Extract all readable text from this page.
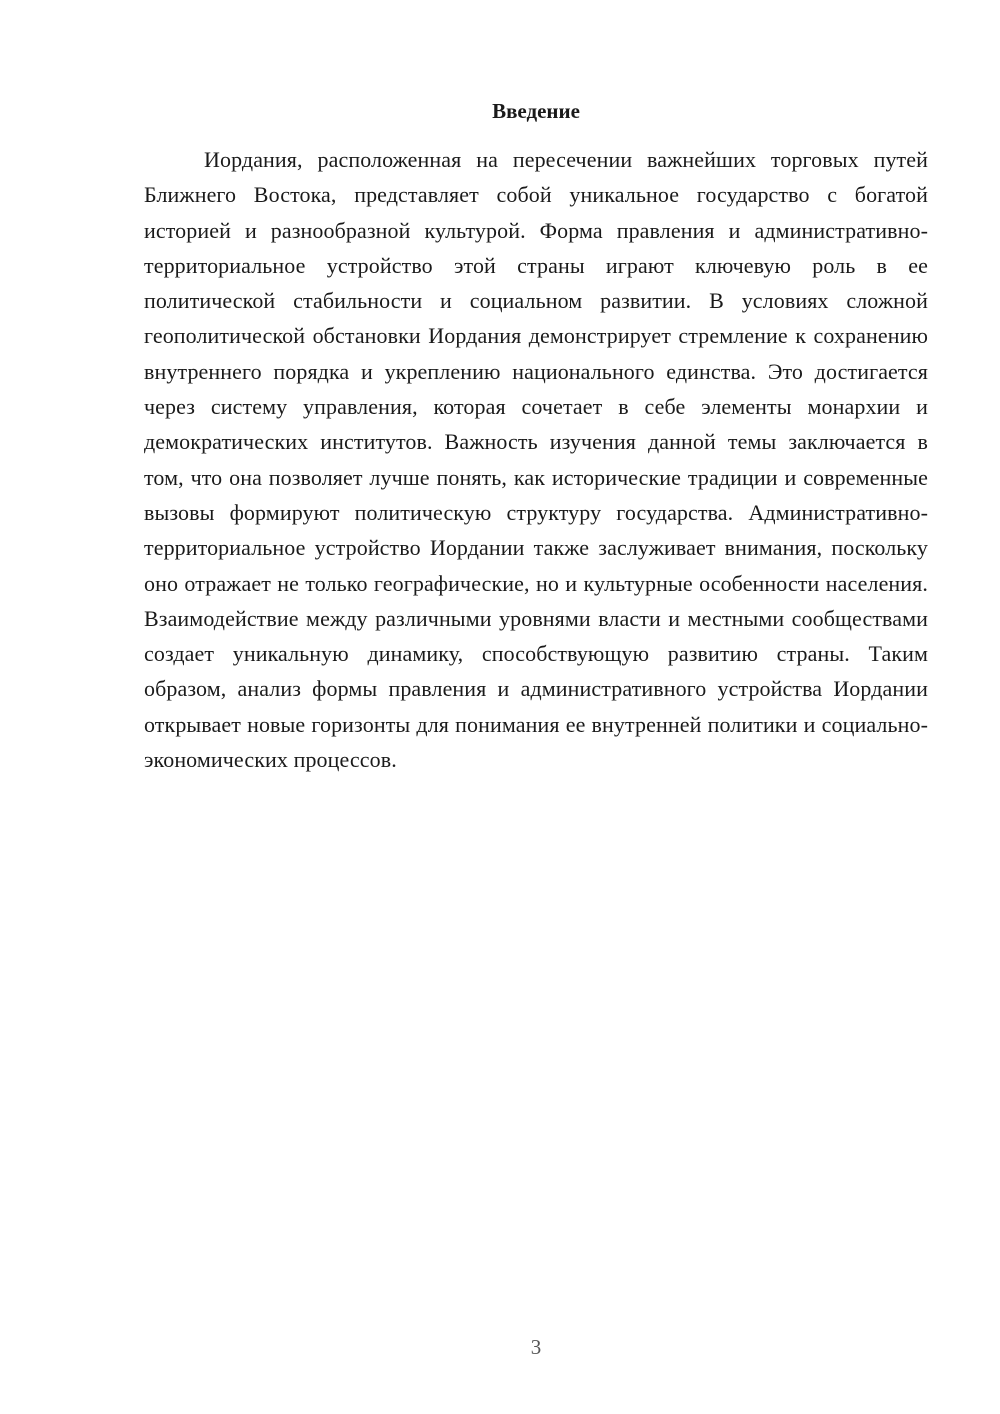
Введение

Иордания, расположенная на пересечении важнейших торговых путей Ближнего Востока, представляет собой уникальное государство с богатой историей и разнообразной культурой. Форма правления и административно-территориальное устройство этой страны играют ключевую роль в ее политической стабильности и социальном развитии. В условиях сложной геополитической обстановки Иордания демонстрирует стремление к сохранению внутреннего порядка и укреплению национального единства. Это достигается через систему управления, которая сочетает в себе элементы монархии и демократических институтов. Важность изучения данной темы заключается в том, что она позволяет лучше понять, как исторические традиции и современные вызовы формируют политическую структуру государства. Административно-территориальное устройство Иордании также заслуживает внимания, поскольку оно отражает не только географические, но и культурные особенности населения. Взаимодействие между различными уровнями власти и местными сообществами создает уникальную динамику, способствующую развитию страны. Таким образом, анализ формы правления и административного устройства Иордании открывает новые горизонты для понимания ее внутренней политики и социально-экономических процессов.

3
